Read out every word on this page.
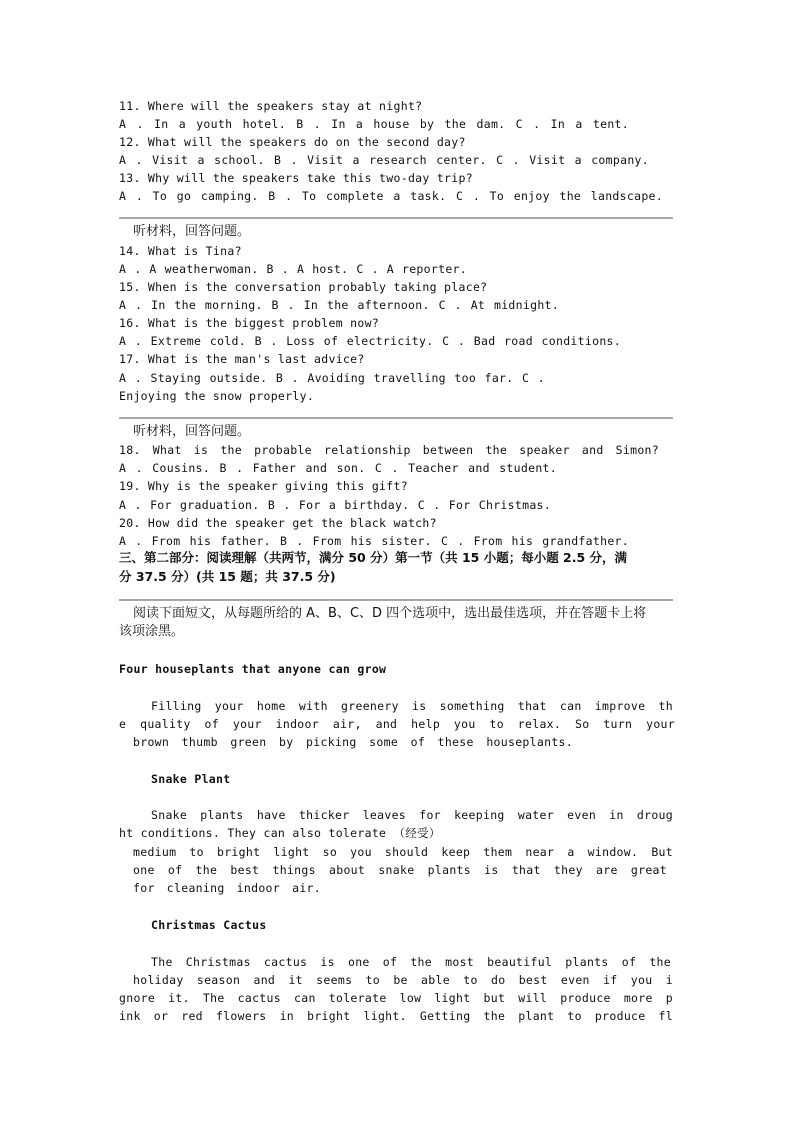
11. Where will the speakers stay at night?
A . In a youth hotel. B . In a house by the dam. C . In a tent.
12. What will the speakers do on the second day?
A . Visit a school. B . Visit a research center. C . Visit a company.
13. Why will the speakers take this two-day trip?
A . To go camping. B . To complete a task. C . To enjoy the landscape.
听材料，回答问题。
14. What is Tina?
A . A weatherwoman. B . A host. C . A reporter.
15. When is the conversation probably taking place?
A . In the morning. B . In the afternoon. C . At midnight.
16. What is the biggest problem now?
A . Extreme cold. B . Loss of electricity. C . Bad road conditions.
17. What is the man's last advice?
A . Staying outside. B . Avoiding travelling too far. C .
Enjoying the snow properly.
听材料，回答问题。
18. What is the probable relationship between the speaker and Simon?
A . Cousins. B . Father and son. C . Teacher and student.
19. Why is the speaker giving this gift?
A . For graduation. B . For a birthday. C . For Christmas.
20. How did the speaker get the black watch?
A . From his father. B . From his sister. C . From his grandfather.
三、第二部分：阅读理解（共两节，满分 50 分）第一节（共 15 小题；每小题 2.5 分，满
分 37.5 分）(共 15 题；共 37.5 分)
阅读下面短文，从每题所给的 A、B、C、D 四个选项中，选出最佳选项，并在答题卡上将
该项涂黑。
Four houseplants that anyone can grow
Filling your home with greenery is something that can improve th
e quality of your indoor air, and help you to relax. So turn your
brown thumb green by picking some of these houseplants.
Snake Plant
Snake plants have thicker leaves for keeping water even in droug
ht conditions. They can also tolerate （经受）
medium to bright light so you should keep them near a window. But
one of the best things about snake plants is that they are great
for cleaning indoor air.
Christmas Cactus
The Christmas cactus is one of the most beautiful plants of the
holiday season and it seems to be able to do best even if you i
gnore it. The cactus can tolerate low light but will produce more p
ink or red flowers in bright light. Getting the plant to produce fl
